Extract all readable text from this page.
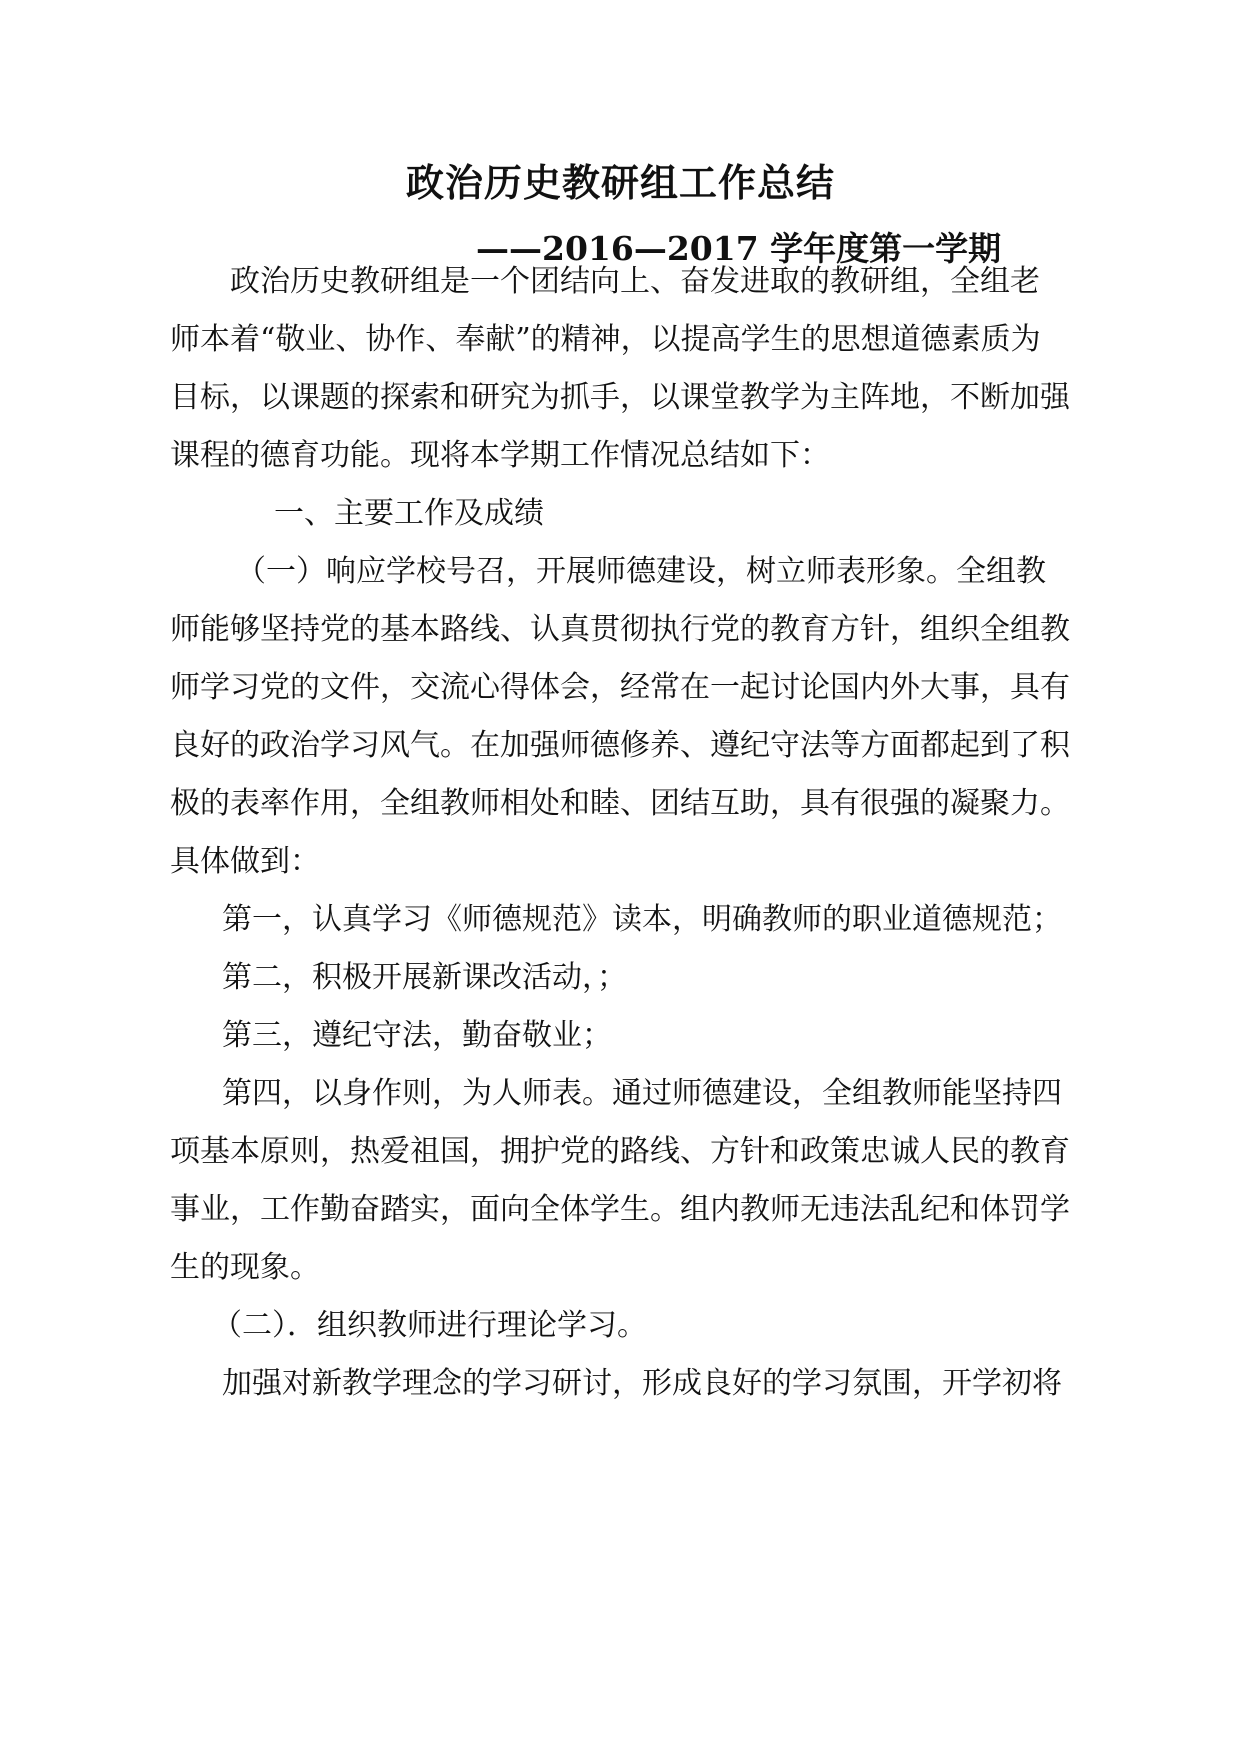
政治历史教研组工作总结
——2016—2017 学年度第一学期
政治历史教研组是一个团结向上、奋发进取的教研组，全组老
师本着“敬业、协作、奉献”的精神，以提高学生的思想道德素质为
目标，以课题的探索和研究为抓手，以课堂教学为主阵地，不断加强
课程的德育功能。现将本学期工作情况总结如下：
一、主要工作及成绩
（一）响应学校号召，开展师德建设，树立师表形象。全组教
师能够坚持党的基本路线、认真贯彻执行党的教育方针，组织全组教
师学习党的文件，交流心得体会，经常在一起讨论国内外大事，具有
良好的政治学习风气。在加强师德修养、遵纪守法等方面都起到了积
极的表率作用，全组教师相处和睦、团结互助，具有很强的凝聚力。
具体做到：
第一，认真学习《师德规范》读本，明确教师的职业道德规范；
第二，积极开展新课改活动，；
第三，遵纪守法，勤奋敬业；
第四，以身作则，为人师表。通过师德建设，全组教师能坚持四
项基本原则，热爱祖国，拥护党的路线、方针和政策忠诚人民的教育
事业，工作勤奋踏实，面向全体学生。组内教师无违法乱纪和体罚学
生的现象。
（二）．组织教师进行理论学习。
加强对新教学理念的学习研讨，形成良好的学习氛围，开学初将
